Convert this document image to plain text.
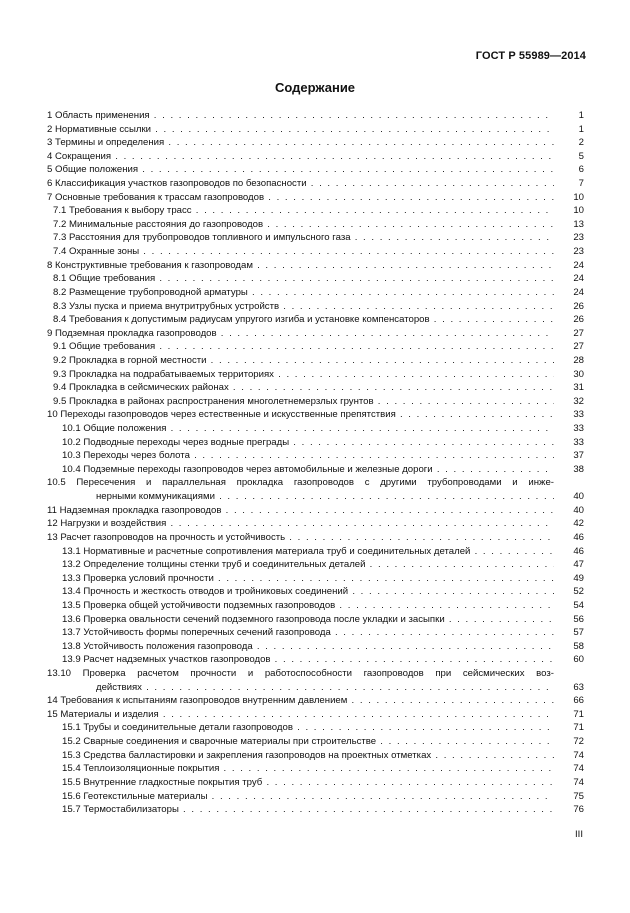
ГОСТ Р 55989—2014
Содержание
1 Область применения . . .	1
2 Нормативные ссылки . . .	1
3 Термины и определения . . .	2
4 Сокращения . . .	5
5 Общие положения . . .	6
6 Классификация участков газопроводов по безопасности . . .	7
7 Основные требования к трассам газопроводов . . .	10
7.1 Требования к выбору трасс . . .	10
7.2 Минимальные расстояния до газопроводов . . .	13
7.3 Расстояния для трубопроводов топливного и импульсного газа . . .	23
7.4 Охранные зоны . . .	23
8 Конструктивные требования к газопроводам . . .	24
8.1 Общие требования . . .	24
8.2 Размещение трубопроводной арматуры . . .	24
8.3 Узлы пуска и приема внутритрубных устройств . . .	26
8.4 Требования к допустимым радиусам упругого изгиба и установке компенсаторов . . .	26
9 Подземная прокладка газопроводов . . .	27
9.1 Общие требования . . .	27
9.2 Прокладка в горной местности . . .	28
9.3 Прокладка на подрабатываемых территориях . . .	30
9.4 Прокладка в сейсмических районах . . .	31
9.5 Прокладка в районах распространения многолетнемерзлых грунтов . . .	32
10 Переходы газопроводов через естественные и искусственные препятствия . . .	33
10.1 Общие положения . . .	33
10.2 Подводные переходы через водные преграды . . .	33
10.3 Переходы через болота . . .	37
10.4 Подземные переходы газопроводов через автомобильные и железные дороги . . .	38
10.5 Пересечения и параллельная прокладка газопроводов с другими трубопроводами и инже-
нерными коммуникациями . . .	40
11 Надземная прокладка газопроводов . . .	40
12 Нагрузки и воздействия . . .	42
13 Расчет газопроводов на прочность и устойчивость . . .	46
13.1 Нормативные и расчетные сопротивления материала труб и соединительных деталей . . .	46
13.2 Определение толщины стенки труб и соединительных деталей . . .	47
13.3 Проверка условий прочности . . .	49
13.4 Прочность и жесткость отводов и тройниковых соединений . . .	52
13.5 Проверка общей устойчивости подземных газопроводов . . .	54
13.6 Проверка овальности сечений подземного газопровода после укладки и засыпки . . .	56
13.7 Устойчивость формы поперечных сечений газопровода . . .	57
13.8 Устойчивость положения газопровода . . .	58
13.9 Расчет надземных участков газопроводов . . .	60
13.10 Проверка расчетом прочности и работоспособности газопроводов при сейсмических воз-
действиях . . .	63
14 Требования к испытаниям газопроводов внутренним давлением . . .	66
15 Материалы и изделия . . .	71
15.1 Трубы и соединительные детали газопроводов . . .	71
15.2 Сварные соединения и сварочные материалы при строительстве . . .	72
15.3 Средства балластировки и закрепления газопроводов на проектных отметках . . .	74
15.4 Теплоизоляционные покрытия . . .	74
15.5 Внутренние гладкостные покрытия труб . . .	74
15.6 Геотекстильные материалы . . .	75
15.7 Термостабилизаторы . . .	76
III
